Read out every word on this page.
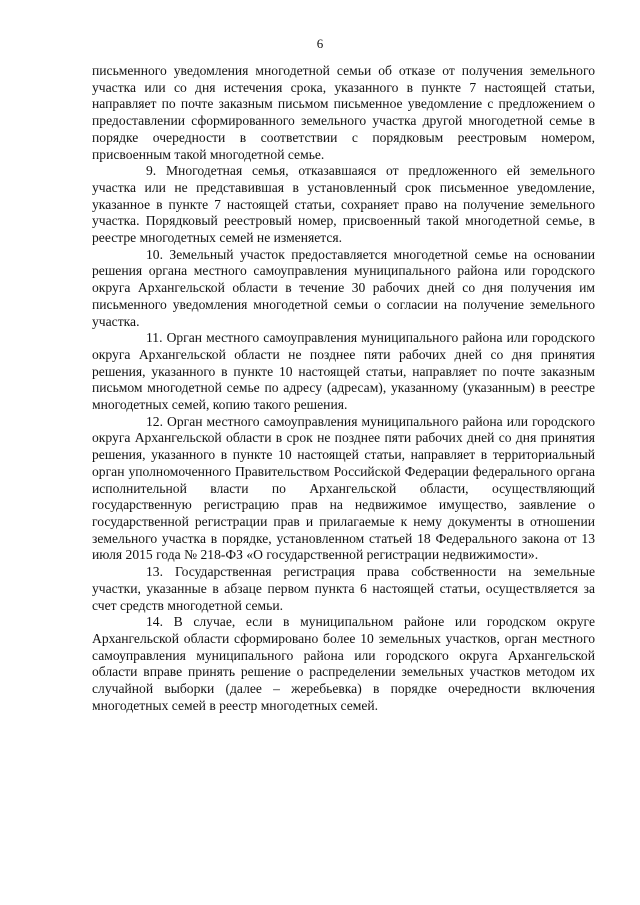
6

письменного уведомления многодетной семьи об отказе от получения земельного участка или со дня истечения срока, указанного в пункте 7 настоящей статьи, направляет по почте заказным письмом письменное уведомление с предложением о предоставлении сформированного земельного участка другой многодетной семье в порядке очередности в соответствии с порядковым реестровым номером, присвоенным такой многодетной семье.

9. Многодетная семья, отказавшаяся от предложенного ей земельного участка или не представившая в установленный срок письменное уведомление, указанное в пункте 7 настоящей статьи, сохраняет право на получение земельного участка. Порядковый реестровый номер, присвоенный такой многодетной семье, в реестре многодетных семей не изменяется.

10. Земельный участок предоставляется многодетной семье на основании решения органа местного самоуправления муниципального района или городского округа Архангельской области в течение 30 рабочих дней со дня получения им письменного уведомления многодетной семьи о согласии на получение земельного участка.

11. Орган местного самоуправления муниципального района или городского округа Архангельской области не позднее пяти рабочих дней со дня принятия решения, указанного в пункте 10 настоящей статьи, направляет по почте заказным письмом многодетной семье по адресу (адресам), указанному (указанным) в реестре многодетных семей, копию такого решения.

12. Орган местного самоуправления муниципального района или городского округа Архангельской области в срок не позднее пяти рабочих дней со дня принятия решения, указанного в пункте 10 настоящей статьи, направляет в территориальный орган уполномоченного Правительством Российской Федерации федерального органа исполнительной власти по Архангельской области, осуществляющий государственную регистрацию прав на недвижимое имущество, заявление о государственной регистрации прав и прилагаемые к нему документы в отношении земельного участка в порядке, установленном статьей 18 Федерального закона от 13 июля 2015 года № 218-ФЗ «О государственной регистрации недвижимости».

13. Государственная регистрация права собственности на земельные участки, указанные в абзаце первом пункта 6 настоящей статьи, осуществляется за счет средств многодетной семьи.

14. В случае, если в муниципальном районе или городском округе Архангельской области сформировано более 10 земельных участков, орган местного самоуправления муниципального района или городского округа Архангельской области вправе принять решение о распределении земельных участков методом их случайной выборки (далее – жеребьевка) в порядке очередности включения многодетных семей в реестр многодетных семей.
